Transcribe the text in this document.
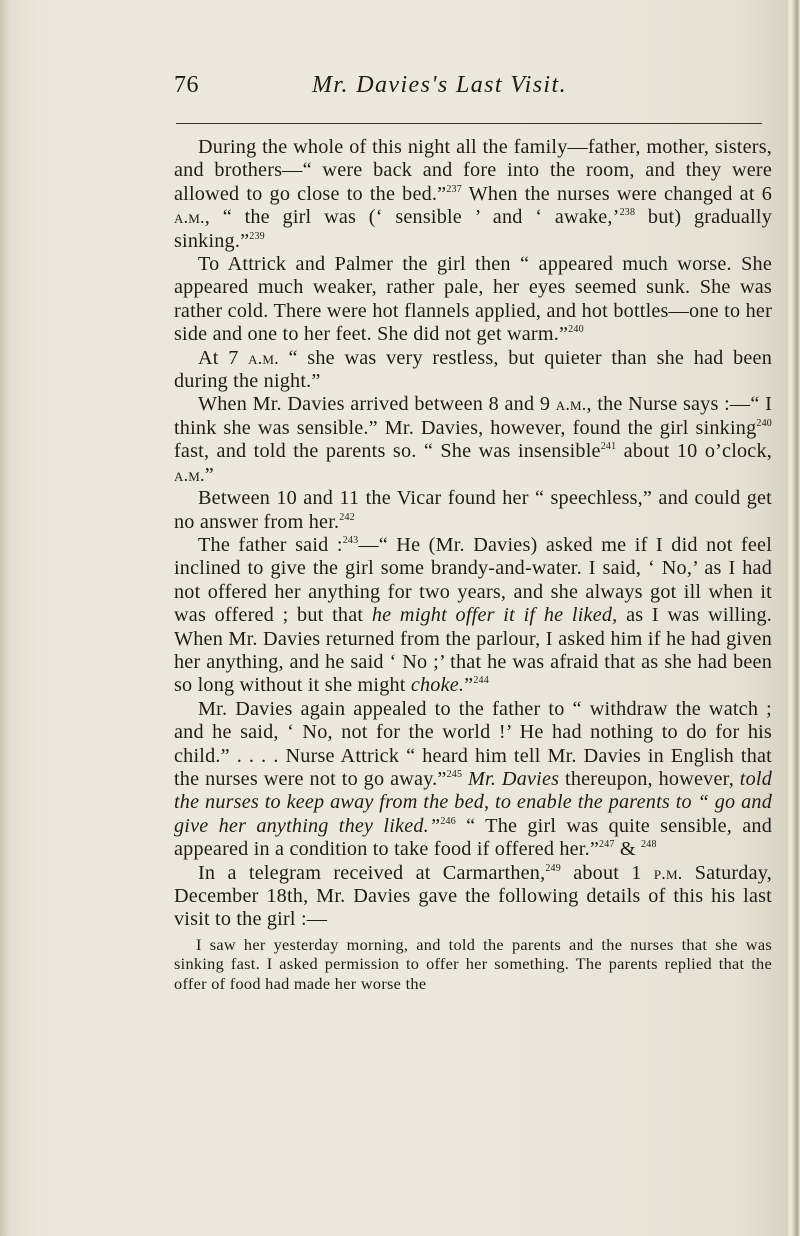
76	Mr. Davies's Last Visit.

During the whole of this night all the family—father, mother, sisters, and brothers—“ were back and fore into the room, and they were allowed to go close to the bed.”$^{237}$ When the nurses were changed at 6 a.m., “ the girl was (‘ sensible ’ and ‘ awake,’$^{238}$ but) gradually sinking.”$^{239}$

To Attrick and Palmer the girl then “ appeared much worse. She appeared much weaker, rather pale, her eyes seemed sunk. She was rather cold. There were hot flannels applied, and hot bottles—one to her side and one to her feet. She did not get warm.”$^{240}$

At 7 a.m. “ she was very restless, but quieter than she had been during the night.”

When Mr. Davies arrived between 8 and 9 a.m., the Nurse says :—“ I think she was sensible.” Mr. Davies, however, found the girl sinking$^{240}$ fast, and told the parents so. “ She was insensible$^{241}$ about 10 o’clock, a.m.”

Between 10 and 11 the Vicar found her “ speechless,” and could get no answer from her.$^{242}$

The father said :$^{243}$—“ He (Mr. Davies) asked me if I did not feel inclined to give the girl some brandy-and-water. I said, ‘ No,’ as I had not offered her anything for two years, and she always got ill when it was offered ; but that he might offer it if he liked, as I was willing. When Mr. Davies returned from the parlour, I asked him if he had given her anything, and he said ‘ No ;’ that he was afraid that as she had been so long without it she might choke.”$^{244}$

Mr. Davies again appealed to the father to “ withdraw the watch ; and he said, ‘ No, not for the world !’ He had nothing to do for his child.” . . . . Nurse Attrick “ heard him tell Mr. Davies in English that the nurses were not to go away.”$^{245}$ Mr. Davies thereupon, however, told the nurses to keep away from the bed, to enable the parents to “ go and give her anything they liked.”$^{246}$ “ The girl was quite sensible, and appeared in a condition to take food if offered her.”$^{247}$ & $^{248}$

In a telegram received at Carmarthen,$^{249}$ about 1 p.m. Saturday, December 18th, Mr. Davies gave the following details of this his last visit to the girl :—

I saw her yesterday morning, and told the parents and the nurses that she was sinking fast. I asked permission to offer her something. The parents replied that the offer of food had made her worse the
